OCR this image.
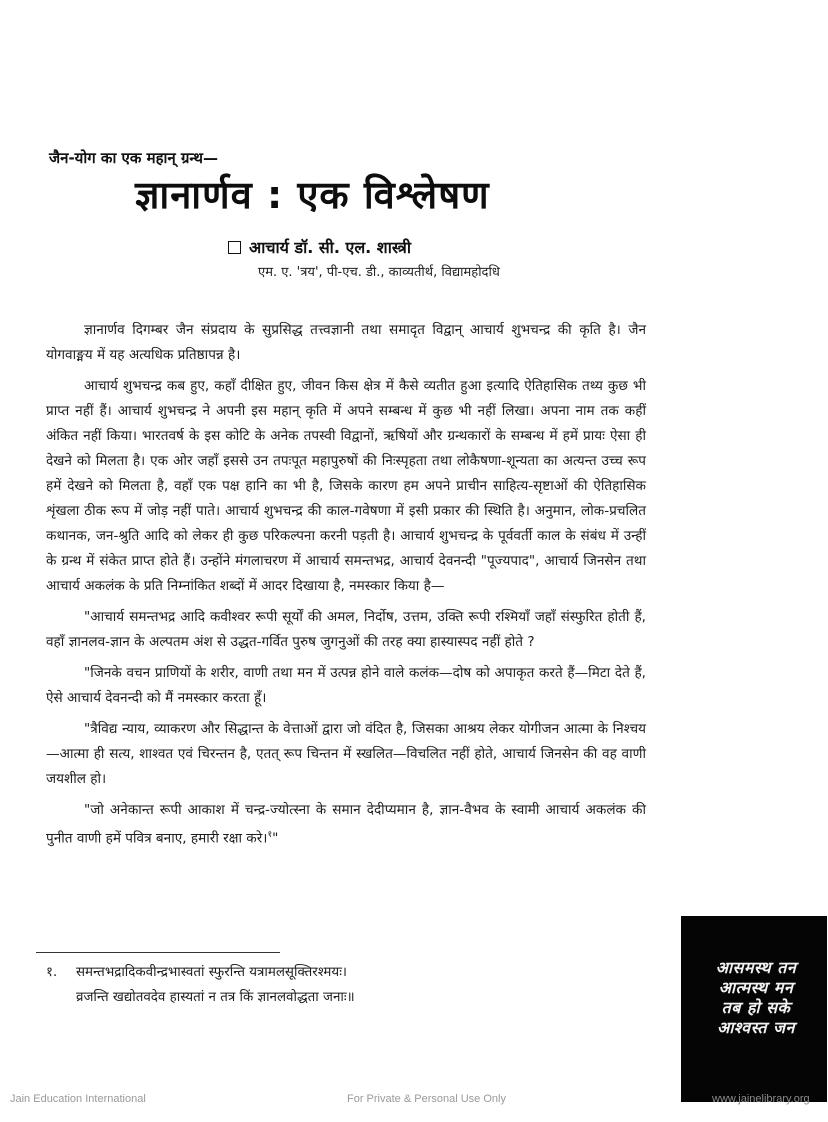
जैन-योग का एक महान् ग्रन्थ—
ज्ञानार्णव : एक विश्लेषण
आचार्य डॉ. सी. एल. शास्त्री
एम. ए. 'त्रय', पी-एच. डी., काव्यतीर्थ, विद्यामहोदधि

ज्ञानार्णव दिगम्बर जैन संप्रदाय के सुप्रसिद्ध तत्त्वज्ञानी तथा समादृत विद्वान् आचार्य शुभचन्द्र की कृति है। जैन योगवाङ्मय में यह अत्यधिक प्रतिष्ठापन्न है।

आचार्य शुभचन्द्र कब हुए, कहाँ दीक्षित हुए, जीवन किस क्षेत्र में कैसे व्यतीत हुआ इत्यादि ऐतिहासिक तथ्य कुछ भी प्राप्त नहीं हैं। आचार्य शुभचन्द्र ने अपनी इस महान् कृति में अपने सम्बन्ध में कुछ भी नहीं लिखा। अपना नाम तक कहीं अंकित नहीं किया। भारतवर्ष के इस कोटि के अनेक तपस्वी विद्वानों, ऋषियों और ग्रन्थकारों के सम्बन्ध में हमें प्रायः ऐसा ही देखने को मिलता है। एक ओर जहाँ इससे उन तपःपूत महापुरुषों की निःस्पृहता तथा लोकैषणा-शून्यता का अत्यन्त उच्च रूप हमें देखने को मिलता है, वहाँ एक पक्ष हानि का भी है, जिसके कारण हम अपने प्राचीन साहित्य-सृष्टाओं की ऐतिहासिक शृंखला ठीक रूप में जोड़ नहीं पाते। आचार्य शुभचन्द्र की काल-गवेषणा में इसी प्रकार की स्थिति है। अनुमान, लोक-प्रचलित कथानक, जन-श्रुति आदि को लेकर ही कुछ परिकल्पना करनी पड़ती है। आचार्य शुभचन्द्र के पूर्ववर्ती काल के संबंध में उन्हीं के ग्रन्थ में संकेत प्राप्त होते हैं। उन्होंने मंगलाचरण में आचार्य समन्तभद्र, आचार्य देवनन्दी "पूज्यपाद", आचार्य जिनसेन तथा आचार्य अकलंक के प्रति निम्नांकित शब्दों में आदर दिखाया है, नमस्कार किया है—

"आचार्य समन्तभद्र आदि कवीश्वर रूपी सूर्यों की अमल, निर्दोष, उत्तम, उक्ति रूपी रश्मियाँ जहाँ संस्फुरित होती हैं, वहाँ ज्ञानलव-ज्ञान के अल्पतम अंश से उद्धत-गर्वित पुरुष जुगनुओं की तरह क्या हास्यास्पद नहीं होते ?

"जिनके वचन प्राणियों के शरीर, वाणी तथा मन में उत्पन्न होने वाले कलंक—दोष को अपाकृत करते हैं—मिटा देते हैं, ऐसे आचार्य देवनन्दी को मैं नमस्कार करता हूँ।

"त्रैविद्य न्याय, व्याकरण और सिद्धान्त के वेत्ताओं द्वारा जो वंदित है, जिसका आश्रय लेकर योगीजन आत्मा के निश्चय—आत्मा ही सत्य, शाश्वत एवं चिरन्तन है, एतत् रूप चिन्तन में स्खलित—विचलित नहीं होते, आचार्य जिनसेन की वह वाणी जयशील हो।

"जो अनेकान्त रूपी आकाश में चन्द्र-ज्योत्स्ना के समान देदीप्यमान है, ज्ञान-वैभव के स्वामी आचार्य अकलंक की पुनीत वाणी हमें पवित्र बनाए, हमारी रक्षा करे।$^१$"

१. समन्तभद्रादिकवीन्द्रभास्वतां स्फुरन्ति यत्रामलसूक्तिरश्मयः।
व्रजन्ति खद्योतवदेव हास्यतां न तत्र किं ज्ञानलवोद्धता जनाः॥
आसमस्थ तन
आत्मस्थ मन
तब हो सके
आश्वस्त जन
Jain Education International	For Private & Personal Use Only	www.jainelibrary.org
